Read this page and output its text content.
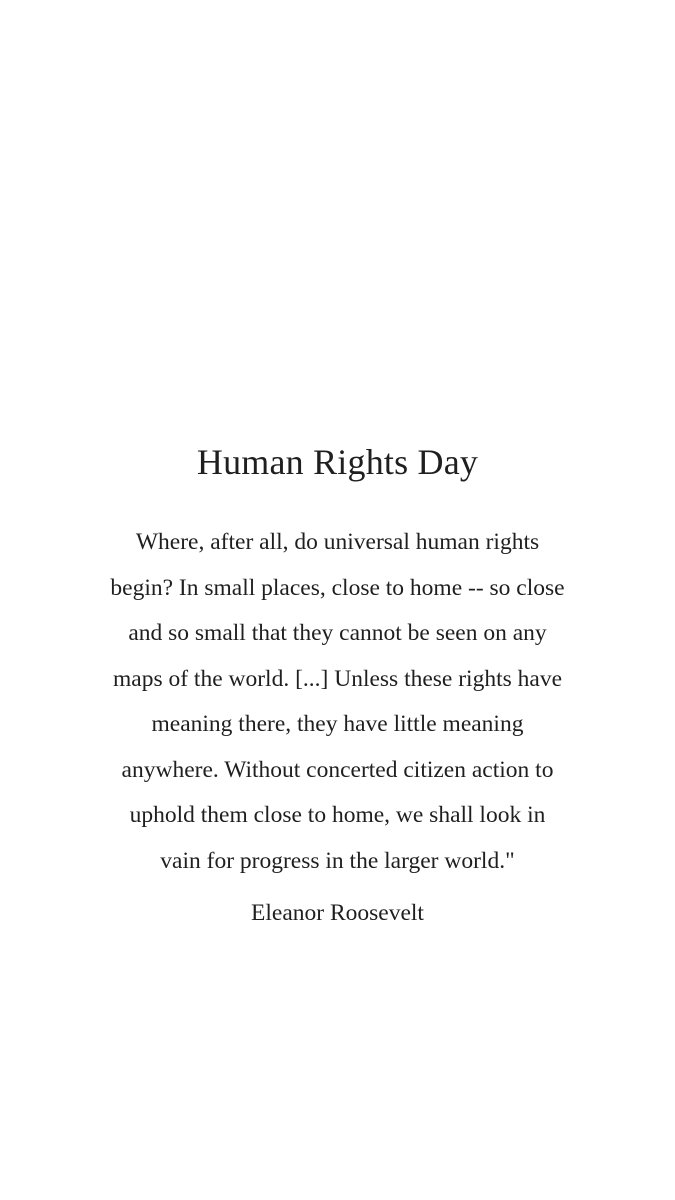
Human Rights Day
Where, after all, do universal human rights
begin? In small places, close to home -- so close
and so small that they cannot be seen on any
maps of the world. [...] Unless these rights have
meaning there, they have little meaning
anywhere. Without concerted citizen action to
uphold them close to home, we shall look in
vain for progress in the larger world."
Eleanor Roosevelt
